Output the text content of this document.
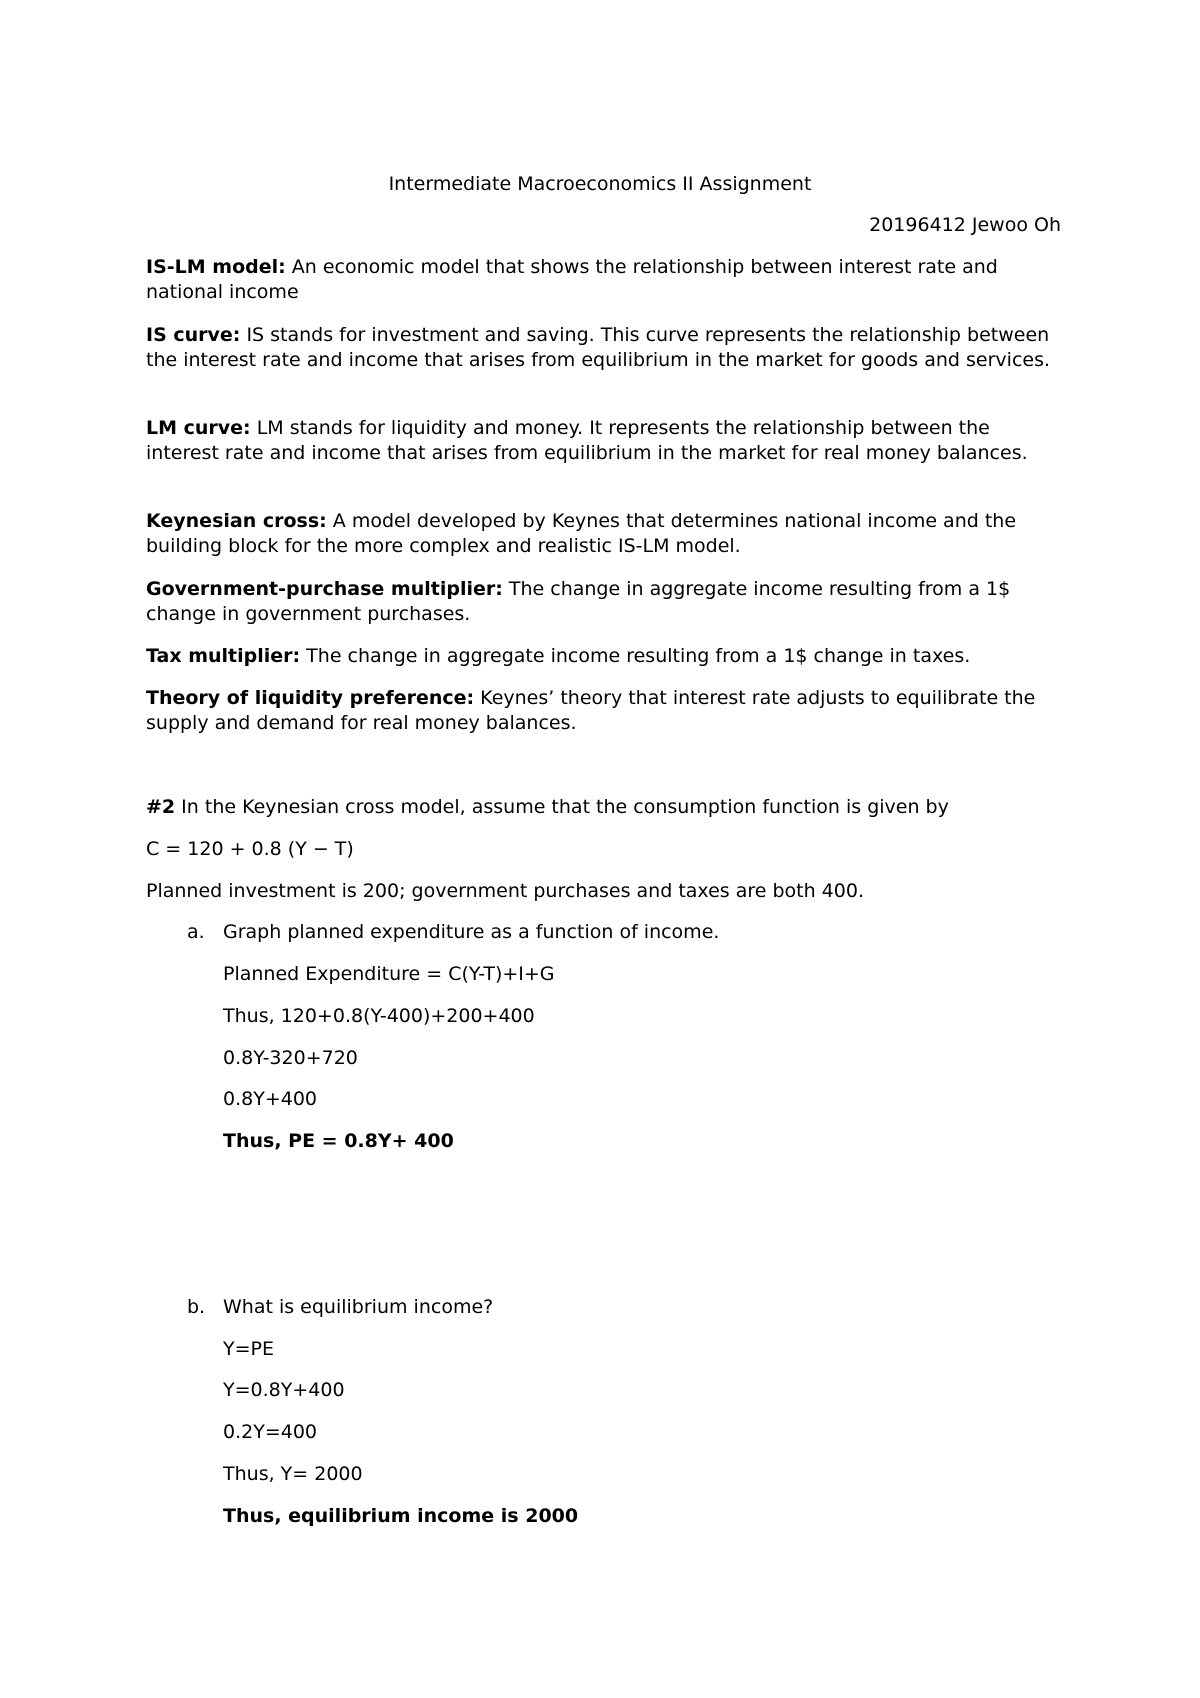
Intermediate Macroeconomics II Assignment

20196412 Jewoo Oh

IS-LM model: An economic model that shows the relationship between interest rate and national income

IS curve: IS stands for investment and saving. This curve represents the relationship between the interest rate and income that arises from equilibrium in the market for goods and services.

LM curve: LM stands for liquidity and money. It represents the relationship between the interest rate and income that arises from equilibrium in the market for real money balances.

Keynesian cross: A model developed by Keynes that determines national income and the building block for the more complex and realistic IS-LM model.

Government-purchase multiplier: The change in aggregate income resulting from a 1$ change in government purchases.

Tax multiplier: The change in aggregate income resulting from a 1$ change in taxes.

Theory of liquidity preference: Keynes’ theory that interest rate adjusts to equilibrate the supply and demand for real money balances.

#2 In the Keynesian cross model, assume that the consumption function is given by

C = 120 + 0.8 (Y − T)

Planned investment is 200; government purchases and taxes are both 400.

a. Graph planned expenditure as a function of income.

Planned Expenditure = C(Y-T)+I+G

Thus, 120+0.8(Y-400)+200+400

0.8Y-320+720

0.8Y+400

Thus, PE = 0.8Y+ 400

b. What is equilibrium income?

Y=PE

Y=0.8Y+400

0.2Y=400

Thus, Y= 2000

Thus, equilibrium income is 2000
